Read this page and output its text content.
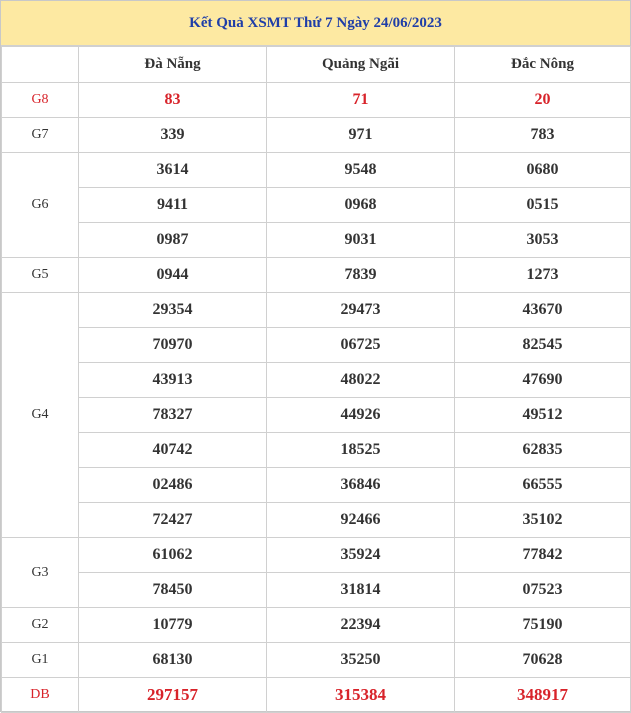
Kết Quả XSMT Thứ 7 Ngày 24/06/2023
	Đà Nẵng	Quảng Ngãi	Đắc Nông
G8	83	71	20
G7	339	971	783
G6	3614	9548	0680
	9411	0968	0515
	0987	9031	3053
G5	0944	7839	1273
G4	29354	29473	43670
	70970	06725	82545
	43913	48022	47690
	78327	44926	49512
	40742	18525	62835
	02486	36846	66555
	72427	92466	35102
G3	61062	35924	77842
	78450	31814	07523
G2	10779	22394	75190
G1	68130	35250	70628
DB	297157	315384	348917
